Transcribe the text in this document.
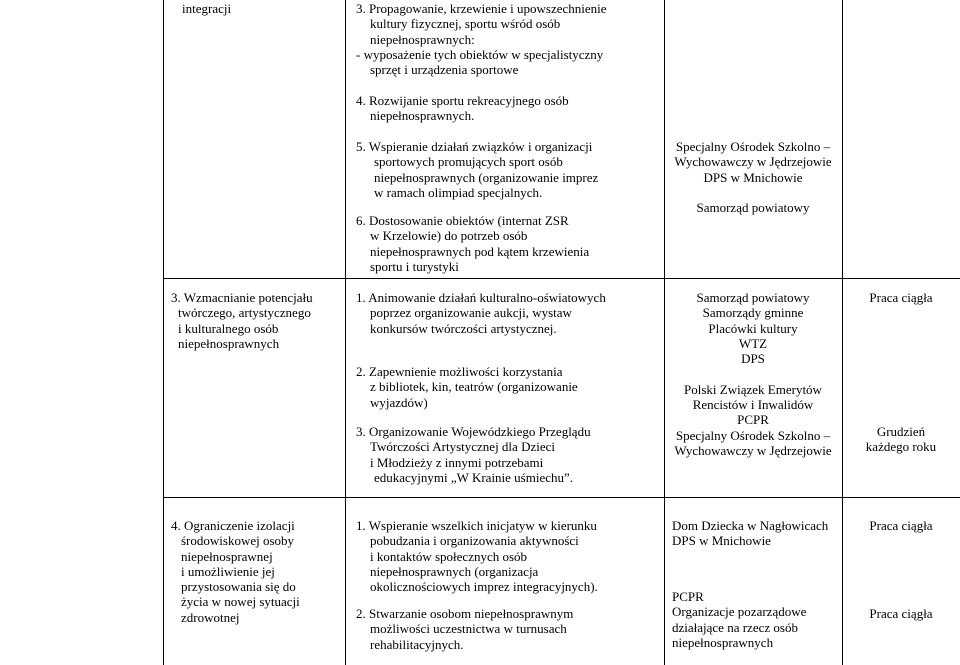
integracji	3. Propagowanie, krzewienie i upowszechnienie
kultury fizycznej, sportu wśród osób
niepełnosprawnych:
- wyposażenie tych obiektów w specjalistyczny
sprzęt i urządzenia sportowe
4. Rozwijanie sportu rekreacyjnego osób
niepełnosprawnych.
5. Wspieranie działań związków i organizacji
sportowych promujących sport osób
niepełnosprawnych (organizowanie imprez
w ramach olimpiad specjalnych.
6. Dostosowanie obiektów (internat ZSR
w Krzelowie) do potrzeb osób
niepełnosprawnych pod kątem krzewienia
sportu i turystyki
Specjalny Ośrodek Szkolno –
Wychowawczy w Jędrzejowie
DPS w Mnichowie

Samorząd powiatowy
3. Wzmacnianie potencjału
twórczego, artystycznego
i kulturalnego osób
niepełnosprawnych
1. Animowanie działań kulturalno-oświatowych
poprzez organizowanie aukcji, wystaw
konkursów twórczości artystycznej.
2. Zapewnienie możliwości korzystania
z bibliotek, kin, teatrów (organizowanie
wyjazdów)
3. Organizowanie Wojewódzkiego Przeglądu
Twórczości Artystycznej dla Dzieci
i Młodzieży z innymi potrzebami
edukacyjnymi „W Krainie uśmiechu”.
Samorząd powiatowy
Samorządy gminne
Placówki kultury
WTZ
DPS

Polski Związek Emerytów
Rencistów i Inwalidów
PCPR
Specjalny Ośrodek Szkolno –
Wychowawczy w Jędrzejowie
Praca ciągła
Grudzień
każdego roku
4. Ograniczenie izolacji
środowiskowej osoby
niepełnosprawnej
i umożliwienie jej
przystosowania się do
życia w nowej sytuacji
zdrowotnej
1. Wspieranie wszelkich inicjatyw w kierunku
pobudzania i organizowania aktywności
i kontaktów społecznych osób
niepełnosprawnych (organizacja
okolicznościowych imprez integracyjnych).
2. Stwarzanie osobom niepełnosprawnym
możliwości uczestnictwa w turnusach
rehabilitacyjnych.
Dom Dziecka w Nagłowicach
DPS w Mnichowie
PCPR
Organizacje pozarządowe
działające na rzecz osób
niepełnosprawnych
Praca ciągła
Praca ciągła
